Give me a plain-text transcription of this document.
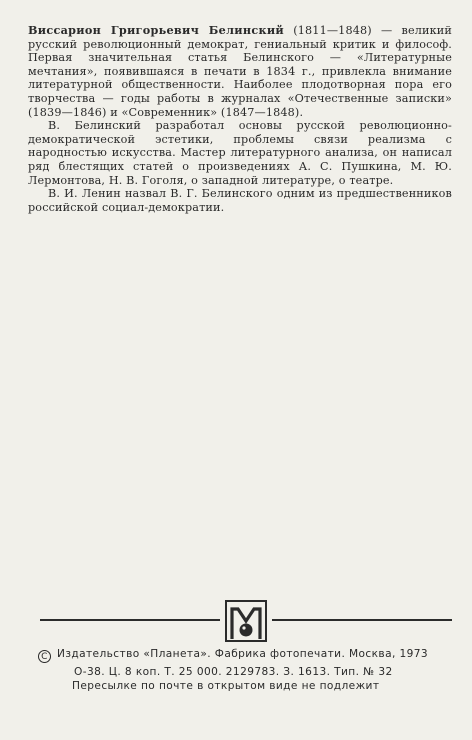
Виссарион Григорьевич Белинский (1811—1848) — великий русский революционный демократ, гениальный критик и философ. Первая значительная статья Белинского — «Литературные мечтания», появившаяся в печати в 1834 г., привлекла внимание литературной общественности. Наиболее плодотворная пора его творчества — годы работы в журналах «Отечественные записки» (1839—1846) и «Современник» (1847—1848).

В. Белинский разработал основы русской революционно-демократической эстетики, проблемы связи реализма с народностью искусства. Мастер литературного анализа, он написал ряд блестящих статей о произведениях А. С. Пушкина, М. Ю. Лермонтова, Н. В. Гоголя, о западной литературе, о театре.

В. И. Ленин назвал В. Г. Белинского одним из предшественников российской социал-демократии.

C Издательство «Планета». Фабрика фотопечати. Москва, 1973
О-38. Ц. 8 коп. Т. 25 000. 2129783. З. 1613. Тип. № 32
Пересылке по почте в открытом виде не подлежит
